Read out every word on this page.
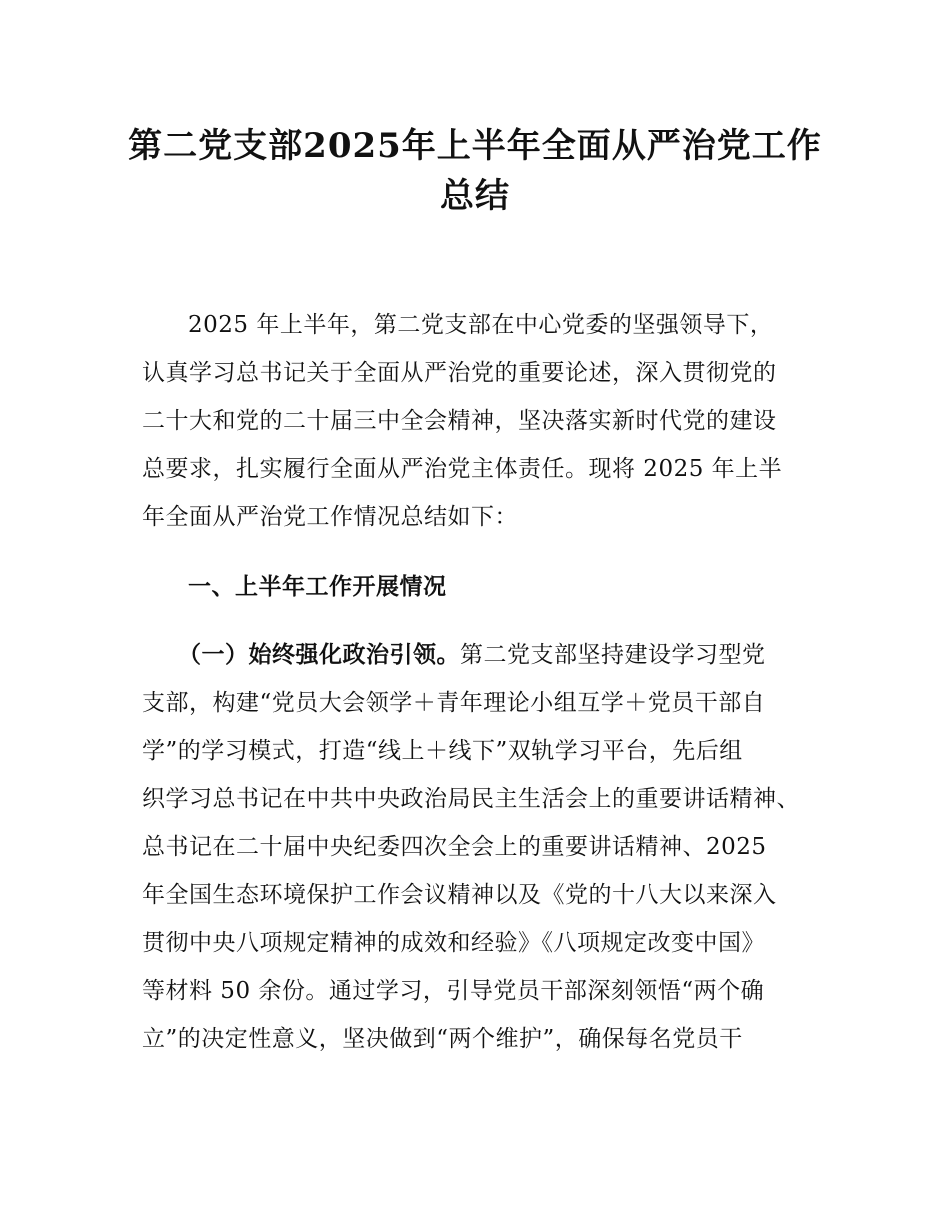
第二党支部2025年上半年全面从严治党工作
总结
2025 年上半年，第二党支部在中心党委的坚强领导下，
认真学习总书记关于全面从严治党的重要论述，深入贯彻党的
二十大和党的二十届三中全会精神，坚决落实新时代党的建设
总要求，扎实履行全面从严治党主体责任。现将 2025 年上半
年全面从严治党工作情况总结如下：
一、上半年工作开展情况
（一）始终强化政治引领。第二党支部坚持建设学习型党
支部，构建“党员大会领学＋青年理论小组互学＋党员干部自
学”的学习模式，打造“线上＋线下”双轨学习平台，先后组
织学习总书记在中共中央政治局民主生活会上的重要讲话精神、
总书记在二十届中央纪委四次全会上的重要讲话精神、2025
年全国生态环境保护工作会议精神以及《党的十八大以来深入
贯彻中央八项规定精神的成效和经验》《八项规定改变中国》
等材料 50 余份。通过学习，引导党员干部深刻领悟“两个确
立”的决定性意义，坚决做到“两个维护”，确保每名党员干
